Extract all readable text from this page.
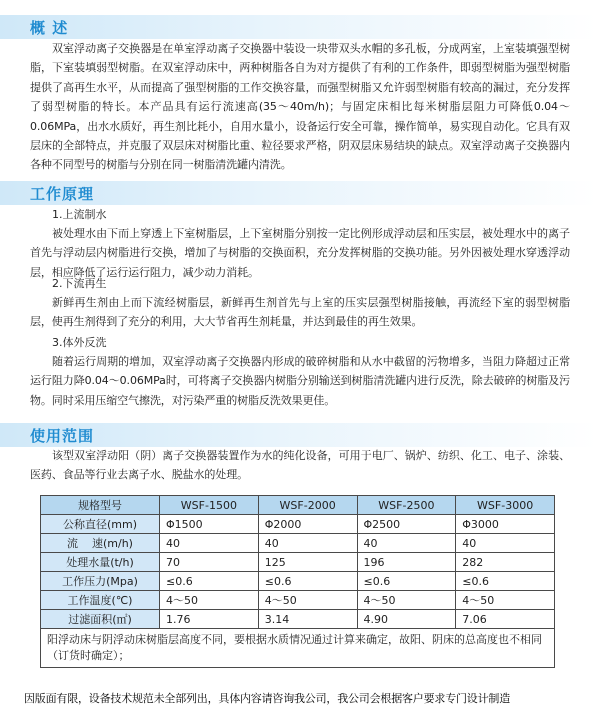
概 述
双室浮动离子交换器是在单室浮动离子交换器中装设一块带双头水帽的多孔板，分成两室，上室装填强型树脂，下室装填弱型树脂。在双室浮动床中，两种树脂各自为对方提供了有利的工作条件，即弱型树脂为强型树脂提供了高再生水平，从而提高了强型树脂的工作交换容量，而强型树脂又允许弱型树脂有较高的漏过，充分发挥了弱型树脂的特长。本产品具有运行流速高(35～40m/h)；与固定床相比每米树脂层阻力可降低0.04～0.06MPa，出水水质好，再生剂比耗小，自用水量小，设备运行安全可靠，操作简单，易实现自动化。它具有双层床的全部特点，并克服了双层床对树脂比重、粒径要求严格，阴双层床易结块的缺点。双室浮动离子交换器内各种不同型号的树脂与分别在同一树脂清洗罐内清洗。
工作原理
1.上流制水
被处理水由下而上穿透上下室树脂层，上下室树脂分别按一定比例形成浮动层和压实层，被处理水中的离子首先与浮动层内树脂进行交换，增加了与树脂的交换面积，充分发挥树脂的交换功能。另外因被处理水穿透浮动层，相应降低了运行运行阻力，减少动力消耗。
2.下流再生
新鲜再生剂由上而下流经树脂层，新鲜再生剂首先与上室的压实层强型树脂接触，再流经下室的弱型树脂层，使再生剂得到了充分的利用，大大节省再生剂耗量，并达到最佳的再生效果。
3.体外反洗
随着运行周期的增加，双室浮动离子交换器内形成的破碎树脂和从水中截留的污物增多，当阻力降超过正常运行阻力降0.04～0.06MPa时，可将离子交换器内树脂分别输送到树脂清洗罐内进行反洗，除去破碎的树脂及污物。同时采用压缩空气擦洗，对污染严重的树脂反洗效果更佳。
使用范围
该型双室浮动阳（阴）离子交换器装置作为水的纯化设备，可用于电厂、锅炉、纺织、化工、电子、涂装、医药、食品等行业去离子水、脱盐水的处理。
规格型号	WSF-1500	WSF-2000	WSF-2500	WSF-3000
公称直径(mm)	Φ1500	Φ2000	Φ2500	Φ3000
流    速(m/h)	40	40	40	40
处理水量(t/h)	70	125	196	282
工作压力(Mpa)	≤0.6	≤0.6	≤0.6	≤0.6
工作温度(℃)	4～50	4～50	4～50	4～50
过滤面积(㎡)	1.76	3.14	4.90	7.06
阳浮动床与阴浮动床树脂层高度不同，要根据水质情况通过计算来确定，故阳、阴床的总高度也不相同（订货时确定）；				
因版面有限，设备技术规范未全部列出，具体内容请咨询我公司，我公司会根据客户要求专门设计制造
